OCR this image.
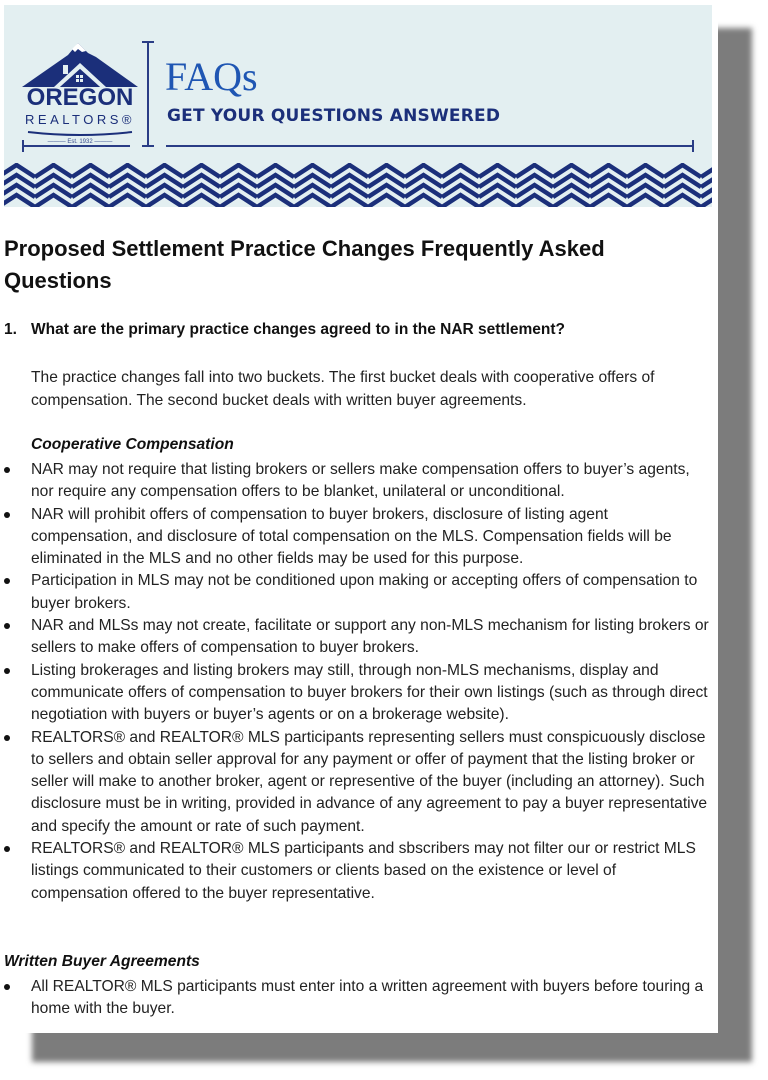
OREGON
REALTORS®
——— Est. 1932 ———
FAQs
GET YOUR QUESTIONS ANSWERED
Proposed Settlement Practice Changes Frequently Asked Questions
1. What are the primary practice changes agreed to in the NAR settlement?
The practice changes fall into two buckets. The first bucket deals with cooperative offers of compensation. The second bucket deals with written buyer agreements.
Cooperative Compensation
NAR may not require that listing brokers or sellers make compensation offers to buyer’s agents, nor require any compensation offers to be blanket, unilateral or unconditional.
NAR will prohibit offers of compensation to buyer brokers, disclosure of listing agent compensation, and disclosure of total compensation on the MLS. Compensation fields will be eliminated in the MLS and no other fields may be used for this purpose.
Participation in MLS may not be conditioned upon making or accepting offers of compensation to buyer brokers.
NAR and MLSs may not create, facilitate or support any non-MLS mechanism for listing brokers or sellers to make offers of compensation to buyer brokers.
Listing brokerages and listing brokers may still, through non-MLS mechanisms, display and communicate offers of compensation to buyer brokers for their own listings (such as through direct negotiation with buyers or buyer’s agents or on a brokerage website).
REALTORS® and REALTOR® MLS participants representing sellers must conspicuously disclose to sellers and obtain seller approval for any payment or offer of payment that the listing broker or seller will make to another broker, agent or representive of the buyer (including an attorney). Such disclosure must be in writing, provided in advance of any agreement to pay a buyer representative and specify the amount or rate of such payment.
REALTORS® and REALTOR® MLS participants and sbscribers may not filter our or restrict MLS listings communicated to their customers or clients based on the existence or level of compensation offered to the buyer representative.
Written Buyer Agreements
All REALTOR® MLS participants must enter into a written agreement with buyers before touring a home with the buyer.
